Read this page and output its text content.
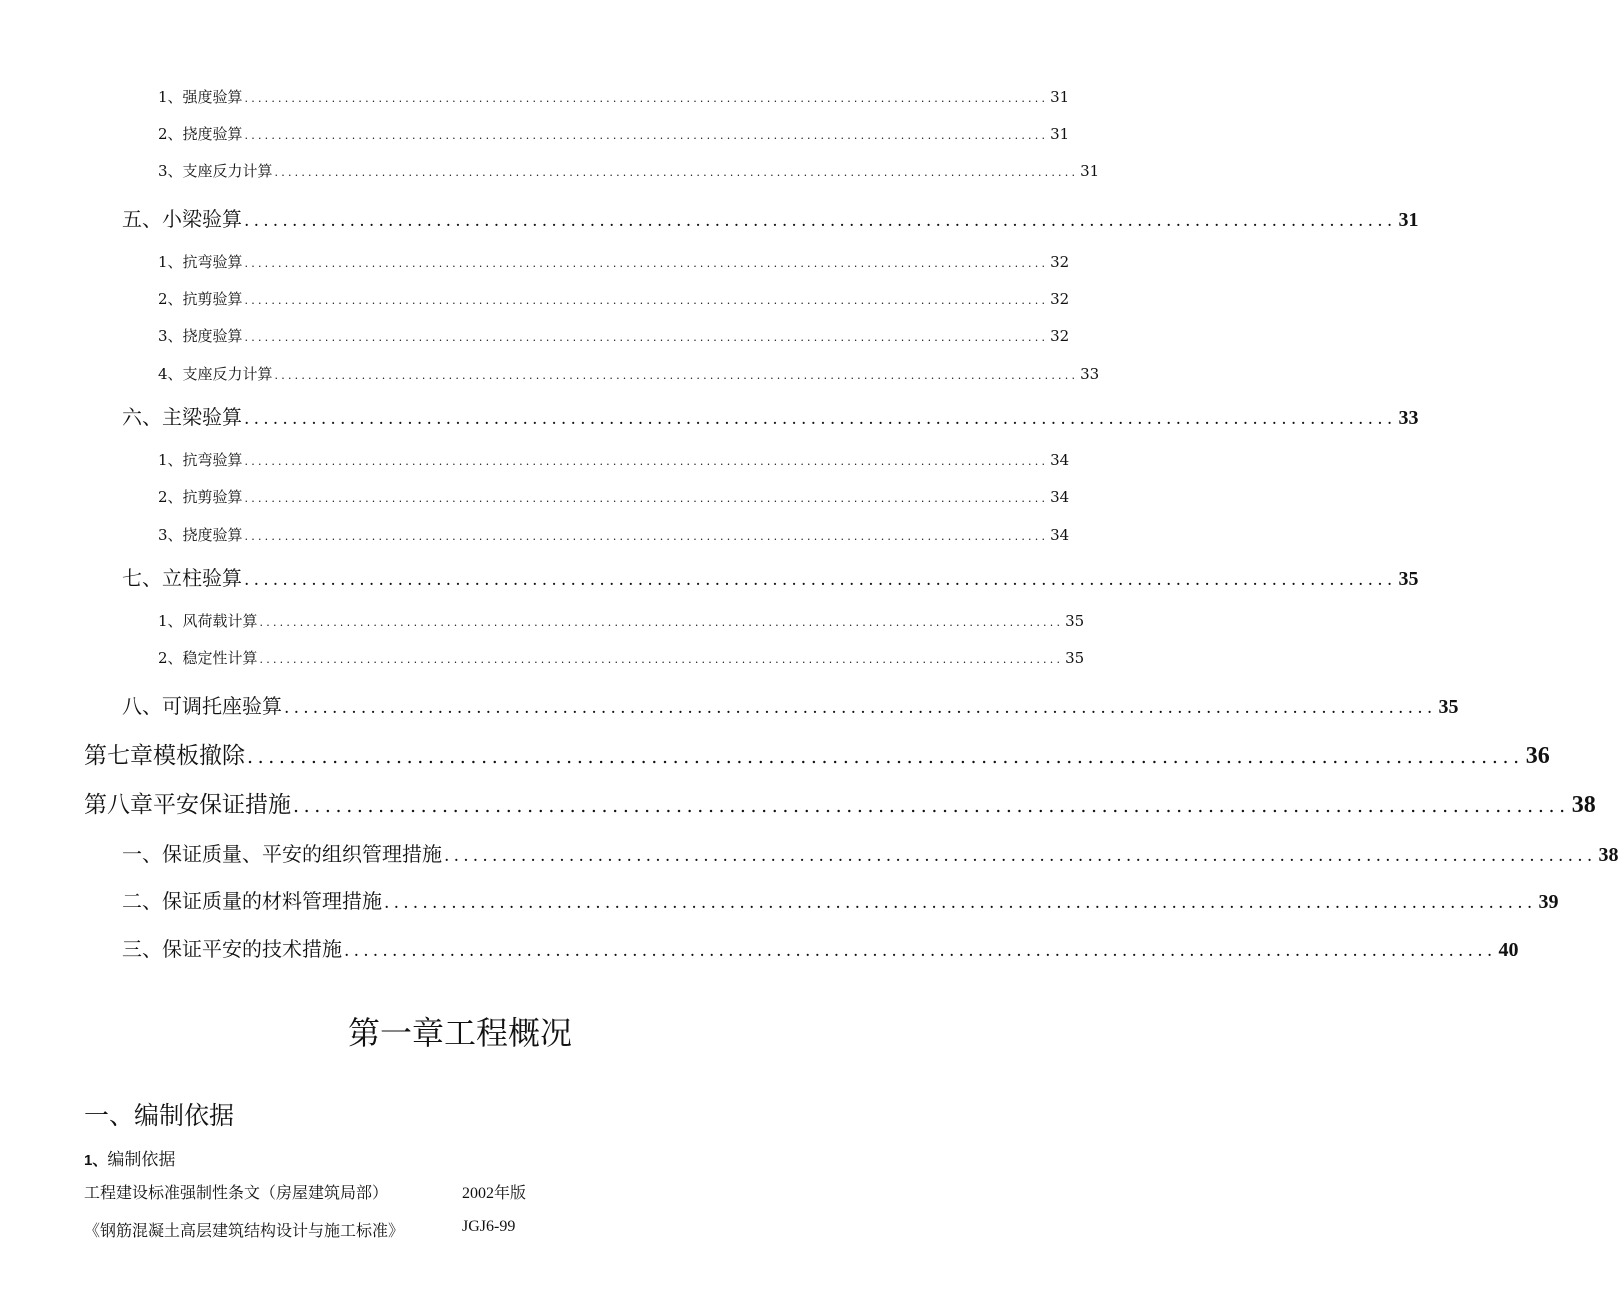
1、强度验算 ........................................................................................................................ 31
2、挠度验算 ........................................................................................................................ 31
3、支座反力计算 ........................................................................................................................ 31
五、小梁验算 ........................................................................................................................ 31
1、抗弯验算 ........................................................................................................................ 32
2、抗剪验算 ........................................................................................................................ 32
3、挠度验算 ........................................................................................................................ 32
4、支座反力计算 ........................................................................................................................ 33
六、主梁验算 ........................................................................................................................ 33
1、抗弯验算 ........................................................................................................................ 34
2、抗剪验算 ........................................................................................................................ 34
3、挠度验算 ........................................................................................................................ 34
七、立柱验算 ........................................................................................................................ 35
1、风荷载计算 ........................................................................................................................ 35
2、稳定性计算 ........................................................................................................................ 35
八、可调托座验算 ........................................................................................................................ 35
第七章模板撤除 ........................................................................................................................ 36
第八章平安保证措施 ........................................................................................................................ 38
一、保证质量、平安的组织管理措施 ........................................................................................................................ 38
二、保证质量的材料管理措施 ........................................................................................................................ 39
三、保证平安的技术措施 ........................................................................................................................ 40
第一章工程概况
一、编制依据
1、编制依据
工程建设标准强制性条文（房屋建筑局部）	2002年版
《钢筋混凝土高层建筑结构设计与施工标准》	JGJ6-99
